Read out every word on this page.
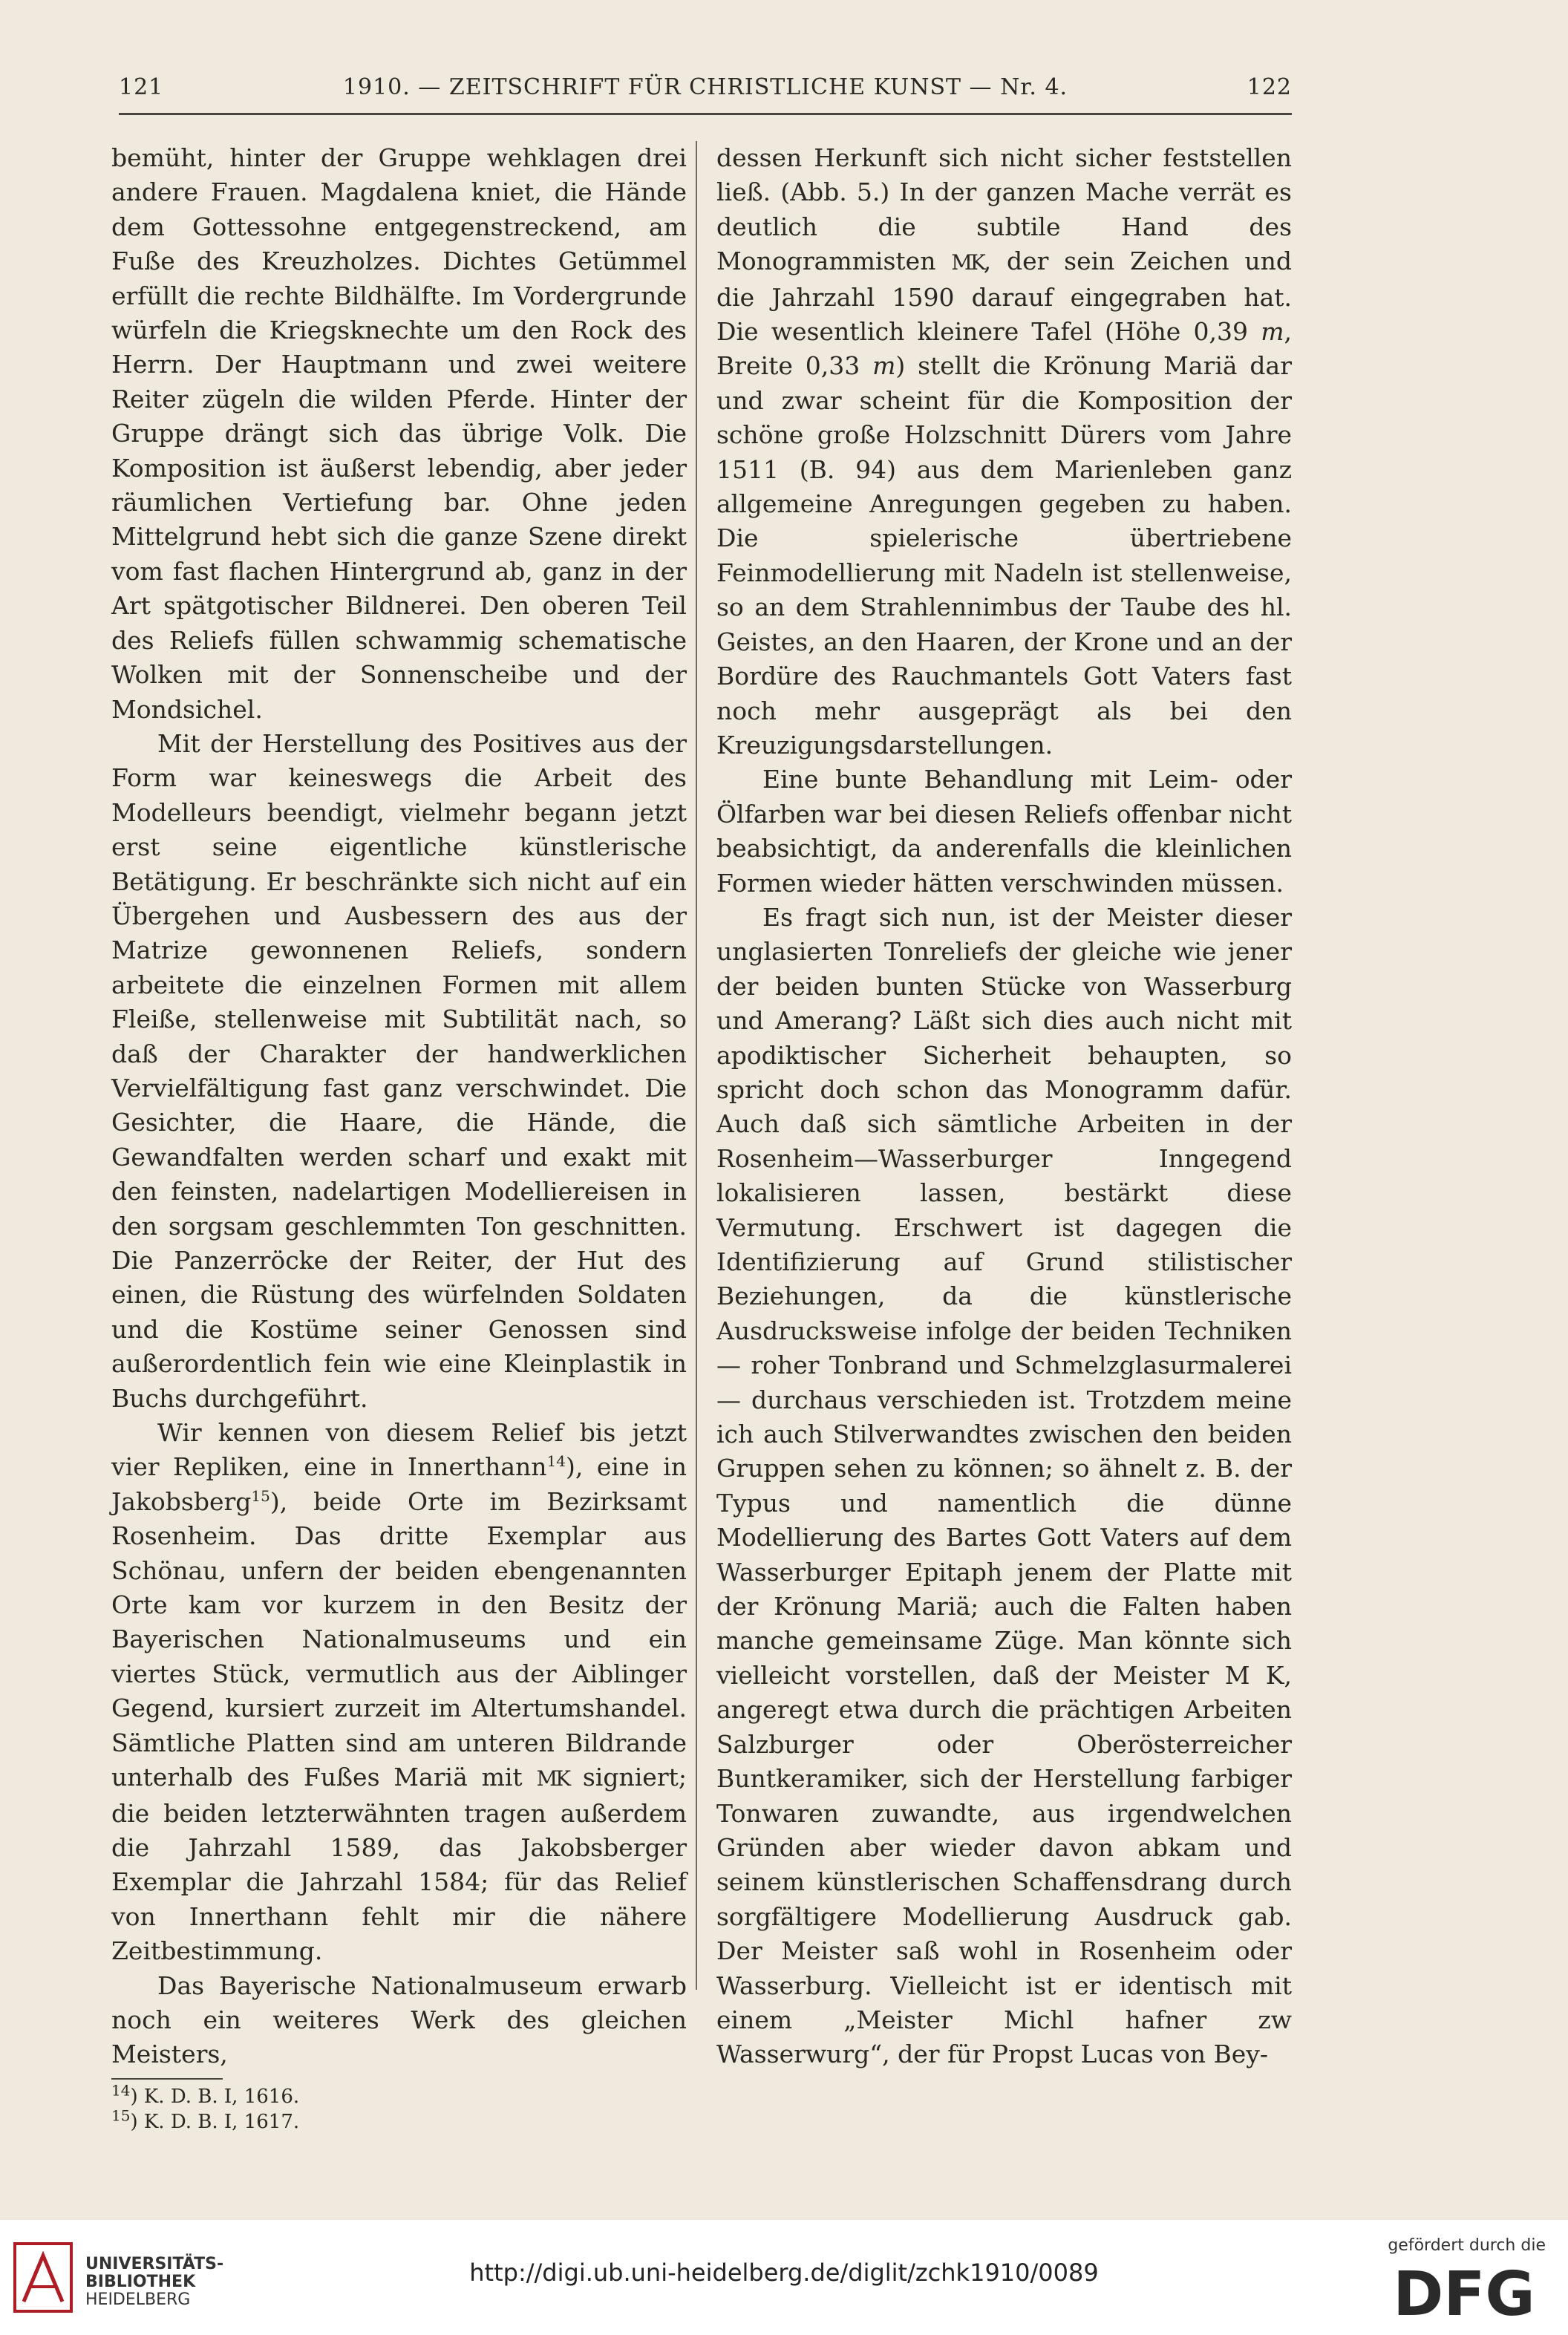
121	1910. — ZEITSCHRIFT FÜR CHRISTLICHE KUNST — Nr. 4.	122

bemüht, hinter der Gruppe wehklagen drei andere Frauen. Magdalena kniet, die Hände dem Gottessohne entgegenstreckend, am Fuße des Kreuzholzes. Dichtes Getümmel erfüllt die rechte Bildhälfte. Im Vordergrunde würfeln die Kriegsknechte um den Rock des Herrn. Der Hauptmann und zwei weitere Reiter zügeln die wilden Pferde. Hinter der Gruppe drängt sich das übrige Volk. Die Komposition ist äußerst lebendig, aber jeder räumlichen Vertiefung bar. Ohne jeden Mittelgrund hebt sich die ganze Szene direkt vom fast flachen Hintergrund ab, ganz in der Art spätgotischer Bildnerei. Den oberen Teil des Reliefs füllen schwammig schematische Wolken mit der Sonnenscheibe und der Mondsichel.

Mit der Herstellung des Positives aus der Form war keineswegs die Arbeit des Modelleurs beendigt, vielmehr begann jetzt erst seine eigentliche künstlerische Betätigung. Er beschränkte sich nicht auf ein Übergehen und Ausbessern des aus der Matrize gewonnenen Reliefs, sondern arbeitete die einzelnen Formen mit allem Fleiße, stellenweise mit Subtilität nach, so daß der Charakter der handwerklichen Vervielfältigung fast ganz verschwindet. Die Gesichter, die Haare, die Hände, die Gewandfalten werden scharf und exakt mit den feinsten, nadelartigen Modelliereisen in den sorgsam geschlemmten Ton geschnitten. Die Panzerröcke der Reiter, der Hut des einen, die Rüstung des würfelnden Soldaten und die Kostüme seiner Genossen sind außerordentlich fein wie eine Kleinplastik in Buchs durchgeführt.

Wir kennen von diesem Relief bis jetzt vier Repliken, eine in Innerthann$^{14}$), eine in Jakobsberg$^{15}$), beide Orte im Bezirksamt Rosenheim. Das dritte Exemplar aus Schönau, unfern der beiden ebengenannten Orte kam vor kurzem in den Besitz der Bayerischen Nationalmuseums und ein viertes Stück, vermutlich aus der Aiblinger Gegend, kursiert zurzeit im Altertumshandel. Sämtliche Platten sind am unteren Bildrande unterhalb des Fußes Mariä mit MK signiert; die beiden letzterwähnten tragen außerdem die Jahrzahl 1589, das Jakobsberger Exemplar die Jahrzahl 1584; für das Relief von Innerthann fehlt mir die nähere Zeitbestimmung.

Das Bayerische Nationalmuseum erwarb noch ein weiteres Werk des gleichen Meisters,

$^{14}$) K. D. B. I, 1616.

$^{15}$) K. D. B. I, 1617.

dessen Herkunft sich nicht sicher feststellen ließ. (Abb. 5.) In der ganzen Mache verrät es deutlich die subtile Hand des Monogrammisten MK, der sein Zeichen und die Jahrzahl 1590 darauf eingegraben hat. Die wesentlich kleinere Tafel (Höhe 0,39 m, Breite 0,33 m) stellt die Krönung Mariä dar und zwar scheint für die Komposition der schöne große Holzschnitt Dürers vom Jahre 1511 (B. 94) aus dem Marienleben ganz allgemeine Anregungen gegeben zu haben. Die spielerische übertriebene Feinmodellierung mit Nadeln ist stellenweise, so an dem Strahlennimbus der Taube des hl. Geistes, an den Haaren, der Krone und an der Bordüre des Rauchmantels Gott Vaters fast noch mehr ausgeprägt als bei den Kreuzigungsdarstellungen.

Eine bunte Behandlung mit Leim- oder Ölfarben war bei diesen Reliefs offenbar nicht beabsichtigt, da anderenfalls die kleinlichen Formen wieder hätten verschwinden müssen.

Es fragt sich nun, ist der Meister dieser unglasierten Tonreliefs der gleiche wie jener der beiden bunten Stücke von Wasserburg und Amerang? Läßt sich dies auch nicht mit apodiktischer Sicherheit behaupten, so spricht doch schon das Monogramm dafür. Auch daß sich sämtliche Arbeiten in der Rosenheim—Wasserburger Inngegend lokalisieren lassen, bestärkt diese Vermutung. Erschwert ist dagegen die Identifizierung auf Grund stilistischer Beziehungen, da die künstlerische Ausdrucksweise infolge der beiden Techniken — roher Tonbrand und Schmelzglasurmalerei — durchaus verschieden ist. Trotzdem meine ich auch Stilverwandtes zwischen den beiden Gruppen sehen zu können; so ähnelt z. B. der Typus und namentlich die dünne Modellierung des Bartes Gott Vaters auf dem Wasserburger Epitaph jenem der Platte mit der Krönung Mariä; auch die Falten haben manche gemeinsame Züge. Man könnte sich vielleicht vorstellen, daß der Meister M K, angeregt etwa durch die prächtigen Arbeiten Salzburger oder Oberösterreicher Buntkeramiker, sich der Herstellung farbiger Tonwaren zuwandte, aus irgendwelchen Gründen aber wieder davon abkam und seinem künstlerischen Schaffensdrang durch sorgfältigere Modellierung Ausdruck gab. Der Meister saß wohl in Rosenheim oder Wasserburg. Vielleicht ist er identisch mit einem „Meister Michl hafner zw Wasserwurg“, der für Propst Lucas von Bey-

UNIVERSITÄTS-
BIBLIOTHEK
HEIDELBERG
http://digi.ub.uni-heidelberg.de/diglit/zchk1910/0089
gefördert durch die
DFG
